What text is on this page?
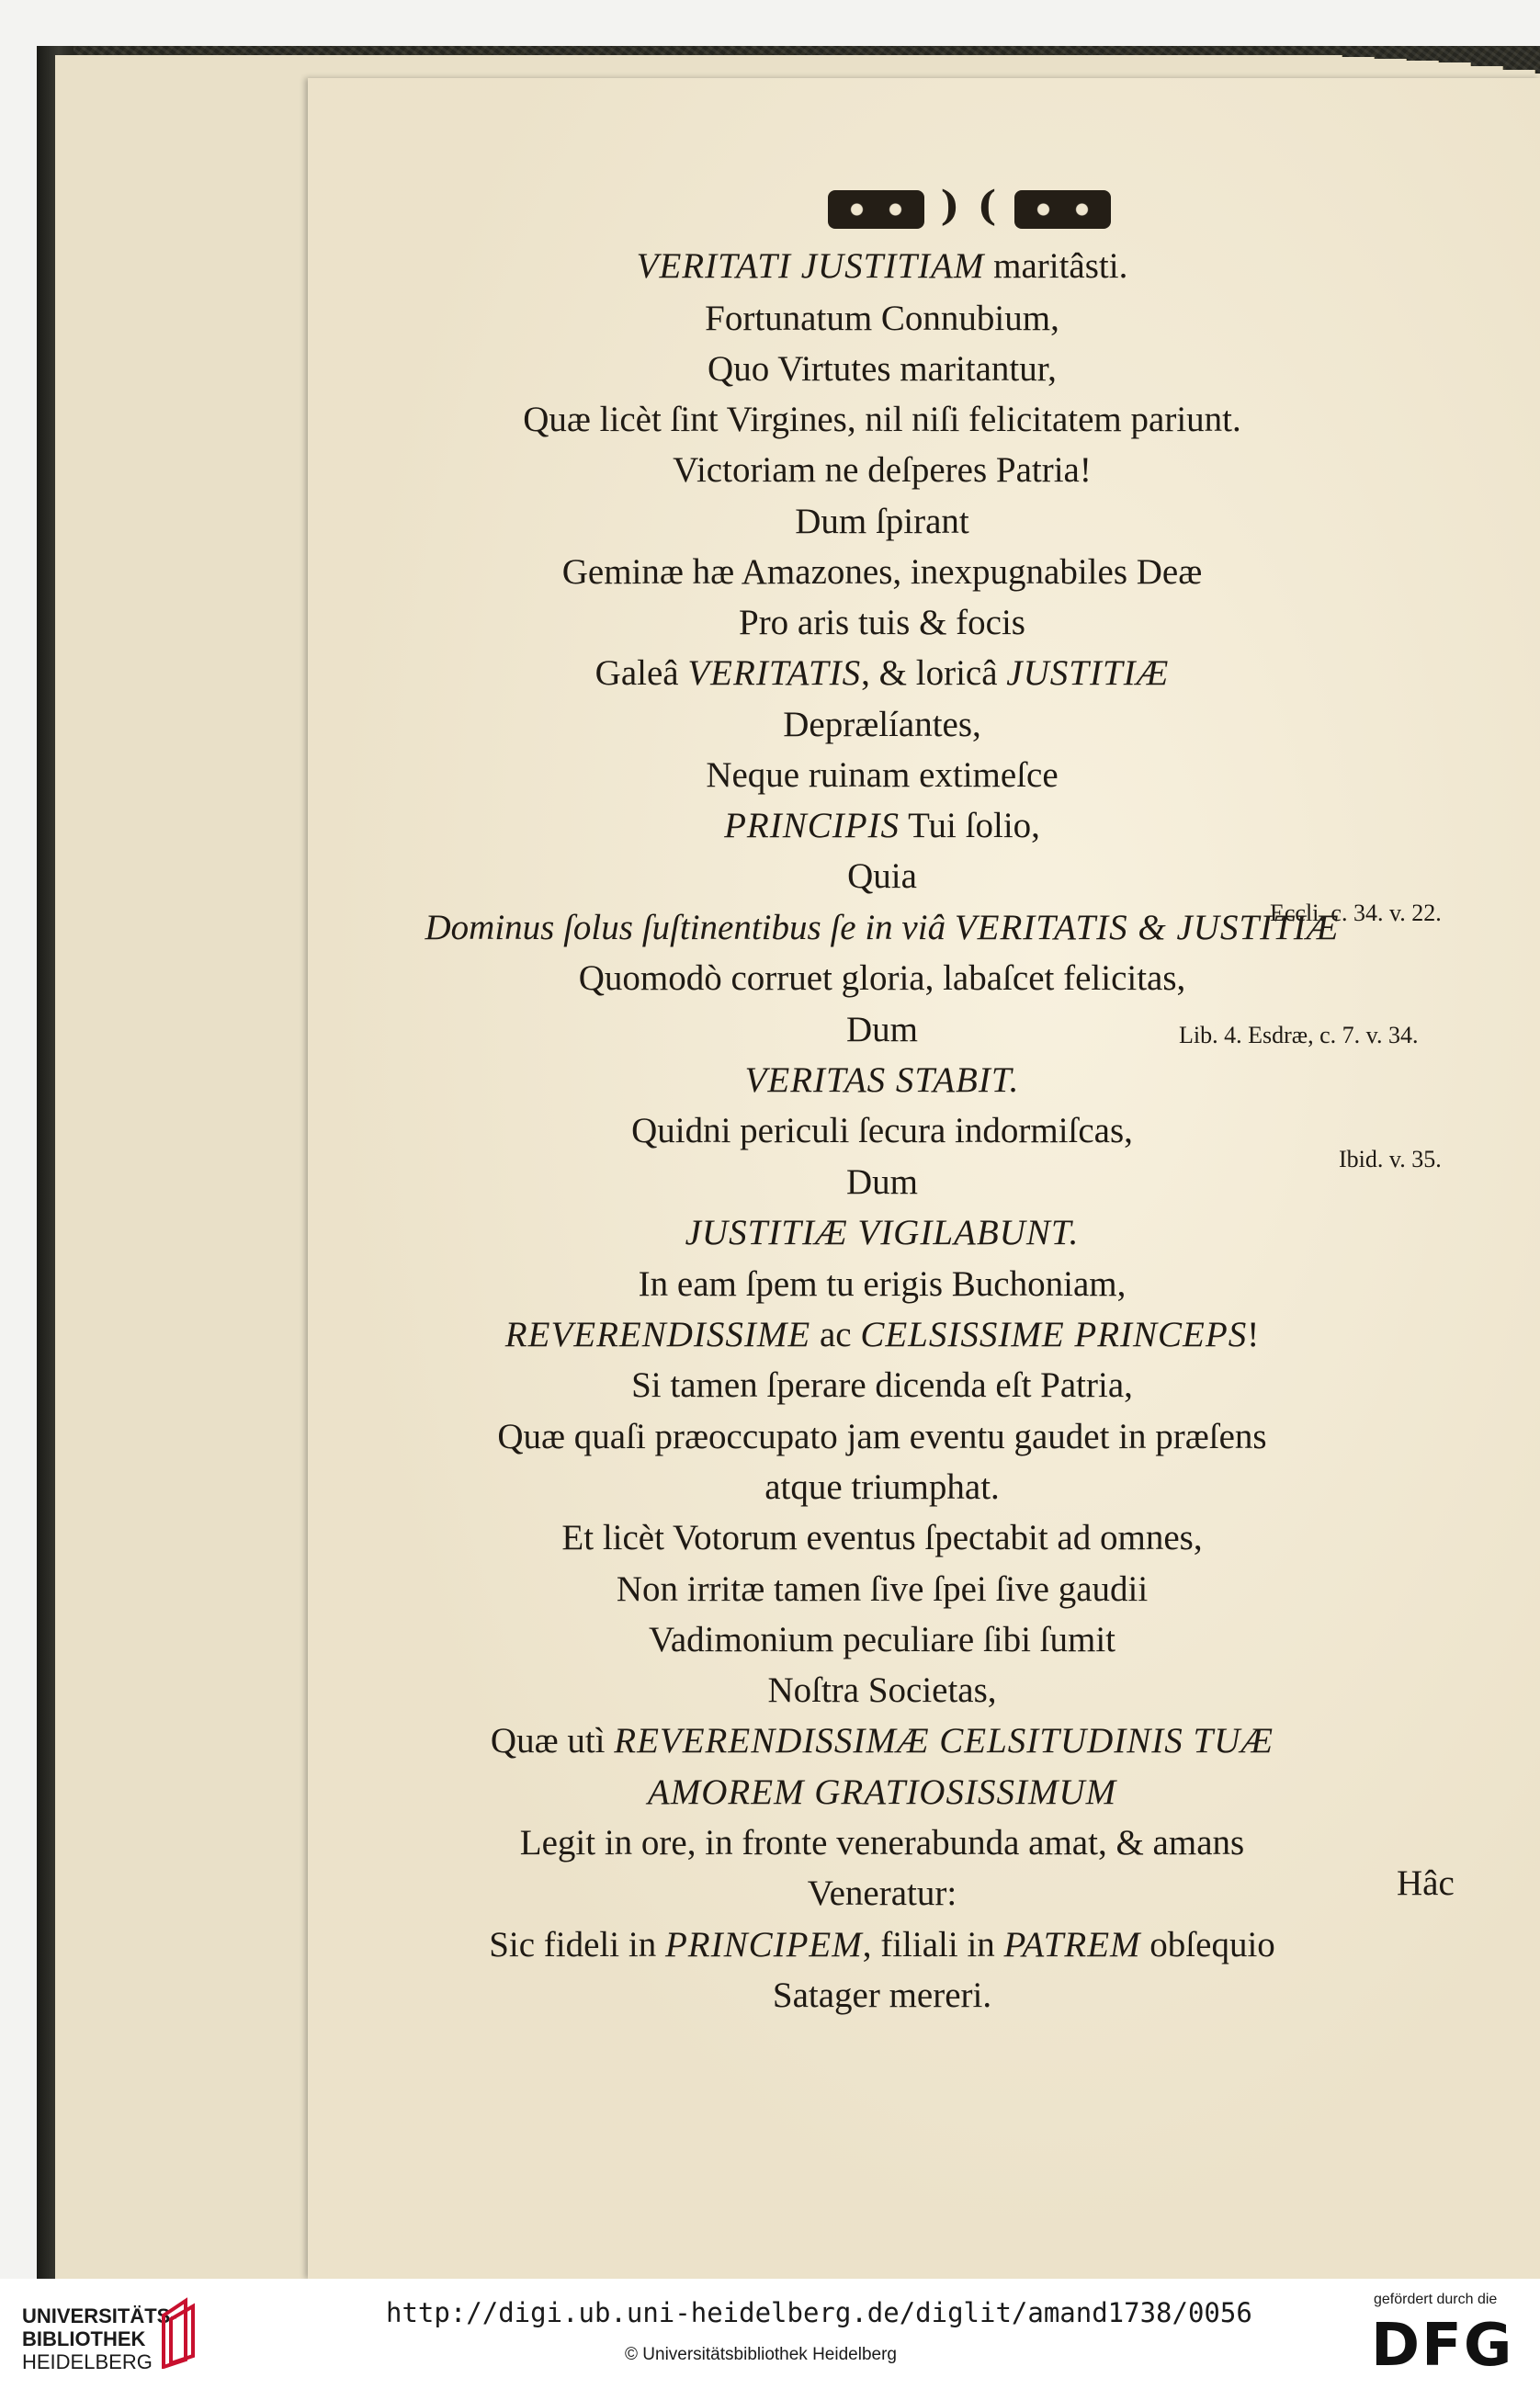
) (
VERITATI JUSTITIAM maritâsti.
Fortunatum Connubium,
Quo Virtutes maritantur,
Quæ licèt ſint Virgines, nil niſi felicitatem pariunt.
Victoriam ne deſperes Patria!
Dum ſpirant
Geminæ hæ Amazones, inexpugnabiles Deæ
Pro aris tuis & focis
Galeâ VERITATIS, & loricâ JUSTITIÆ
Deprælíantes,
Neque ruinam extimeſce
PRINCIPIS Tui ſolio,
Quia
Dominus ſolus ſuſtinentibus ſe in viâ VERITATIS & JUSTITIÆ
Quomodò corruet gloria, labaſcet felicitas,
Dum
VERITAS STABIT.
Quidni periculi ſecura indormiſcas,
Dum
JUSTITIÆ VIGILABUNT.
In eam ſpem tu erigis Buchoniam,
REVERENDISSIME ac CELSISSIME PRINCEPS!
Si tamen ſperare dicenda eſt Patria,
Quæ quaſi præoccupato jam eventu gaudet in præſens
atque triumphat.
Et licèt Votorum eventus ſpectabit ad omnes,
Non irritæ tamen ſive ſpei ſive gaudii
Vadimonium peculiare ſibi ſumit
Noſtra Societas,
Quæ utì REVERENDISSIMÆ CELSITUDINIS TUÆ
AMOREM GRATIOSISSIMUM
Legit in ore, in fronte venerabunda amat, & amans
Veneratur:
Sic fideli in PRINCIPEM, filiali in PATREM obſequio
Satager mereri.
Eccli. c. 34. v. 22.
Lib. 4. Esdræ, c. 7. v. 34.
Ibid. v. 35.
Hâc
UNIVERSITÄTS-
BIBLIOTHEK
HEIDELBERG
http://digi.ub.uni-heidelberg.de/diglit/amand1738/0056
© Universitätsbibliothek Heidelberg
gefördert durch die
DFG
